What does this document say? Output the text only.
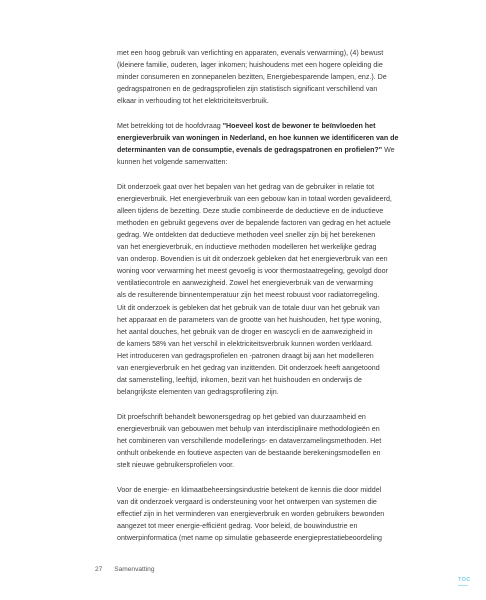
met een hoog gebruik van verlichting en apparaten, evenals verwarming), (4) bewust
(kleinere familie, ouderen, lager inkomen; huishoudens met een hogere opleiding die
minder consumeren en zonnepanelen bezitten, Energiebesparende lampen, enz.). De
gedragspatronen en de gedragsprofielen zijn statistisch significant verschillend van
elkaar in verhouding tot het elektriciteitsverbruik.
Met betrekking tot de hoofdvraag "Hoeveel kost de bewoner te beïnvloeden het
energieverbruik van woningen in Nederland, en hoe kunnen we identificeren van de
determinanten van de consumptie, evenals de gedragspatronen en profielen?" We
kunnen het volgende samenvatten:
Dit onderzoek gaat over het bepalen van het gedrag van de gebruiker in relatie tot
energieverbruik. Het energieverbruik van een gebouw kan in totaal worden gevalideerd,
alleen tijdens de bezetting. Deze studie combineerde de deductieve en de inductieve
methoden en gebruikt gegevens over de bepalende factoren van gedrag en het actuele
gedrag. We ontdekten dat deductieve methoden veel sneller zijn bij het berekenen
van het energieverbruik, en inductieve methoden modelleren het werkelijke gedrag
van onderop. Bovendien is uit dit onderzoek gebleken dat het energieverbruik van een
woning voor verwarming het meest gevoelig is voor thermostaatregeling, gevolgd door
ventilatiecontrole en aanwezigheid. Zowel het energieverbruik van de verwarming
als de resulterende binnentemperatuur zijn het meest robuust voor radiatorregeling.
Uit dit onderzoek is gebleken dat het gebruik van de totale duur van het gebruik van
het apparaat en de parameters van de grootte van het huishouden, het type woning,
het aantal douches, het gebruik van de droger en wascycli en de aanwezigheid in
de kamers 58% van het verschil in elektriciteitsverbruik kunnen worden verklaard.
Het introduceren van gedragsprofielen en -patronen draagt bij aan het modelleren
van energieverbruik en het gedrag van inzittenden. Dit onderzoek heeft aangetoond
dat samenstelling, leeftijd, inkomen, bezit van het huishouden en onderwijs de
belangrijkste elementen van gedragsprofilering zijn.
Dit proefschrift behandelt bewonersgedrag op het gebied van duurzaamheid en
energieverbruik van gebouwen met behulp van interdisciplinaire methodologieën en
het combineren van verschillende modellerings- en dataverzamelingsmethoden. Het
onthult onbekende en foutieve aspecten van de bestaande berekeningsmodellen en
stelt nieuwe gebruikersprofielen voor.
Voor de energie- en klimaatbeheersingsindustrie betekent de kennis die door middel
van dit onderzoek vergaard is ondersteuning voor het ontwerpen van systemen die
effectief zijn in het verminderen van energieverbruik en worden gebruikers bewonden
aangezet tot meer energie-efficiënt gedrag. Voor beleid, de bouwindustrie en
ontwerpinformatica (met name op simulatie gebaseerde energieprestatiebeoordeling
27 Samenvatting
TOC
